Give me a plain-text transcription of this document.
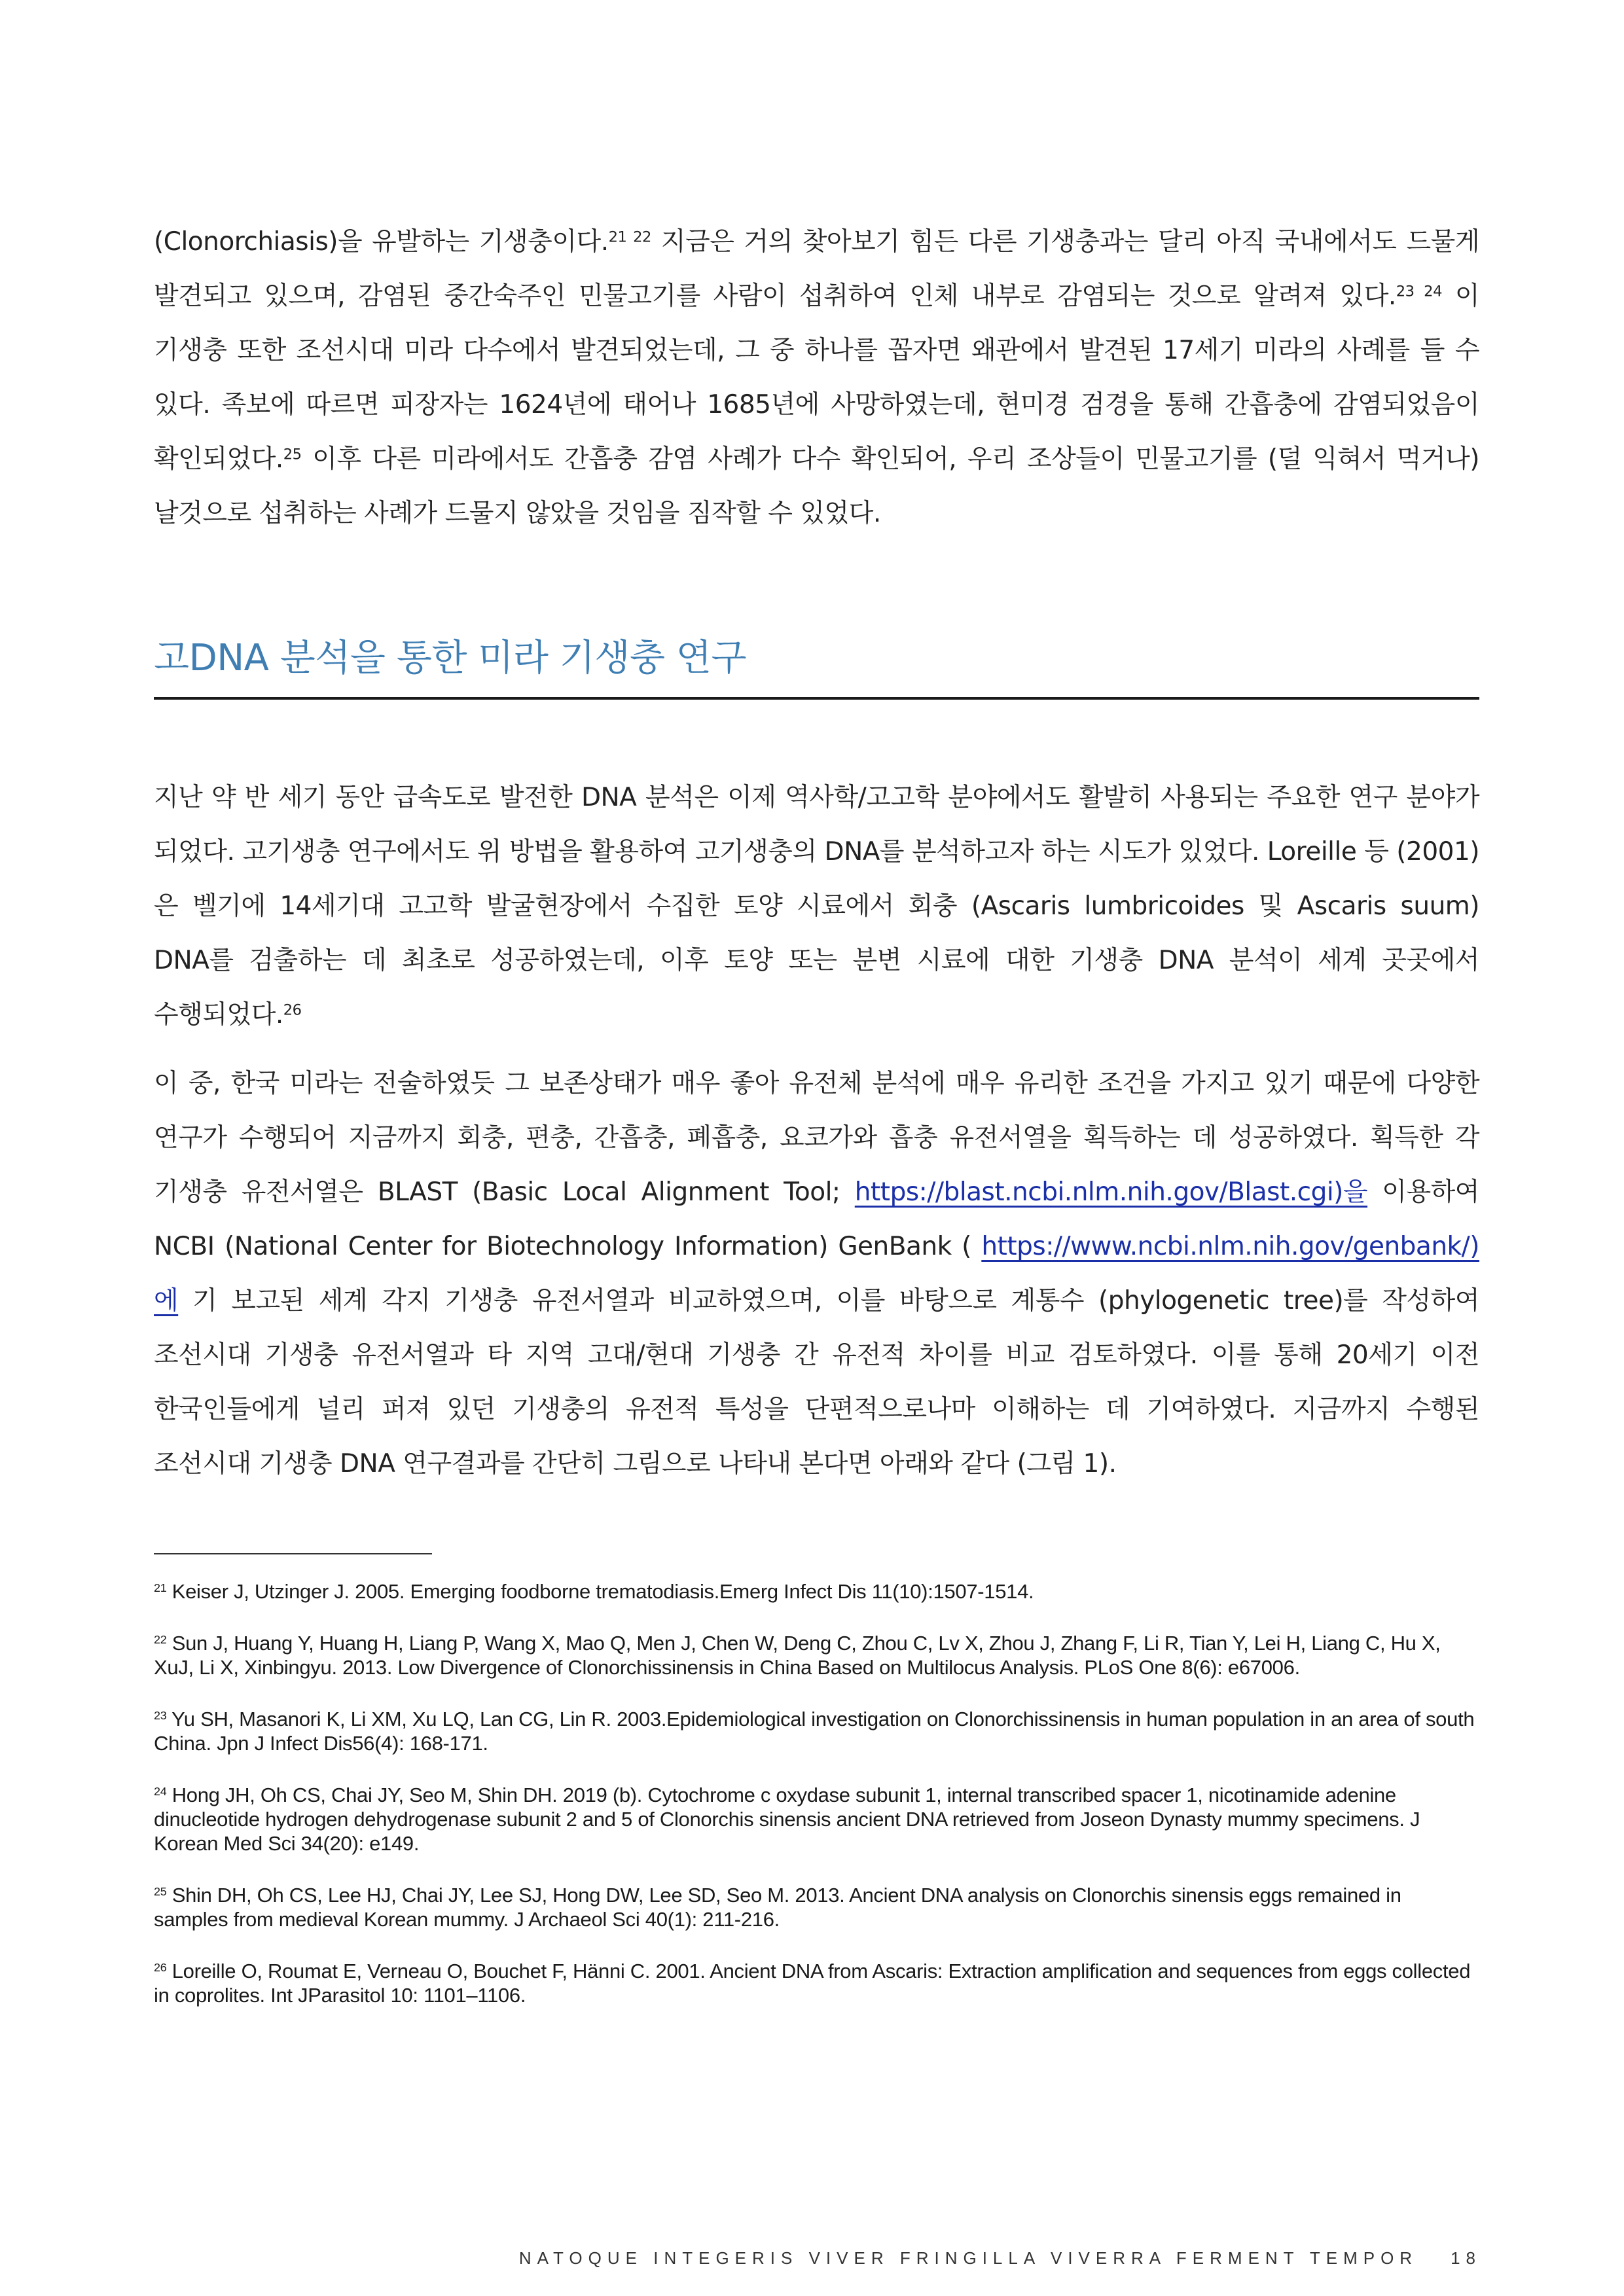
(Clonorchiasis)을 유발하는 기생충이다.$^{21 22}$ 지금은 거의 찾아보기 힘든 다른 기생충과는 달리 아직 국내에서도 드물게 발견되고 있으며, 감염된 중간숙주인 민물고기를 사람이 섭취하여 인체 내부로 감염되는 것으로 알려져 있다.$^{23 24}$ 이 기생충 또한 조선시대 미라 다수에서 발견되었는데, 그 중 하나를 꼽자면 왜관에서 발견된 17세기 미라의 사례를 들 수 있다. 족보에 따르면 피장자는 1624년에 태어나 1685년에 사망하였는데, 현미경 검경을 통해 간흡충에 감염되었음이 확인되었다.$^{25}$ 이후 다른 미라에서도 간흡충 감염 사례가 다수 확인되어, 우리 조상들이 민물고기를 (덜 익혀서 먹거나) 날것으로 섭취하는 사례가 드물지 않았을 것임을 짐작할 수 있었다.

고DNA 분석을 통한 미라 기생충 연구

지난 약 반 세기 동안 급속도로 발전한 DNA 분석은 이제 역사학/고고학 분야에서도 활발히 사용되는 주요한 연구 분야가 되었다. 고기생충 연구에서도 위 방법을 활용하여 고기생충의 DNA를 분석하고자 하는 시도가 있었다. Loreille 등 (2001)은 벨기에 14세기대 고고학 발굴현장에서 수집한 토양 시료에서 회충 (Ascaris lumbricoides 및 Ascaris suum) DNA를 검출하는 데 최초로 성공하였는데, 이후 토양 또는 분변 시료에 대한 기생충 DNA 분석이 세계 곳곳에서 수행되었다.$^{26}$

이 중, 한국 미라는 전술하였듯 그 보존상태가 매우 좋아 유전체 분석에 매우 유리한 조건을 가지고 있기 때문에 다양한 연구가 수행되어 지금까지 회충, 편충, 간흡충, 폐흡충, 요코가와 흡충 유전서열을 획득하는 데 성공하였다. 획득한 각 기생충 유전서열은 BLAST (Basic Local Alignment Tool; https://blast.ncbi.nlm.nih.gov/Blast.cgi)을 이용하여 NCBI (National Center for Biotechnology Information) GenBank ( https://www.ncbi.nlm.nih.gov/genbank/)에 기 보고된 세계 각지 기생충 유전서열과 비교하였으며, 이를 바탕으로 계통수 (phylogenetic tree)를 작성하여 조선시대 기생충 유전서열과 타 지역 고대/현대 기생충 간 유전적 차이를 비교 검토하였다. 이를 통해 20세기 이전 한국인들에게 널리 퍼져 있던 기생충의 유전적 특성을 단편적으로나마 이해하는 데 기여하였다. 지금까지 수행된 조선시대 기생충 DNA 연구결과를 간단히 그림으로 나타내 본다면 아래와 같다 (그림 1).

$^{21}$ Keiser J, Utzinger J. 2005. Emerging foodborne trematodiasis.Emerg Infect Dis 11(10):1507-1514.

$^{22}$ Sun J, Huang Y, Huang H, Liang P, Wang X, Mao Q, Men J, Chen W, Deng C, Zhou C, Lv X, Zhou J, Zhang F, Li R, Tian Y, Lei H, Liang C, Hu X, XuJ, Li X, Xinbingyu. 2013. Low Divergence of Clonorchissinensis in China Based on Multilocus Analysis. PLoS One 8(6): e67006.

$^{23}$ Yu SH, Masanori K, Li XM, Xu LQ, Lan CG, Lin R. 2003.Epidemiological investigation on Clonorchissinensis in human population in an area of south China. Jpn J Infect Dis56(4): 168-171.

$^{24}$ Hong JH, Oh CS, Chai JY, Seo M, Shin DH. 2019 (b). Cytochrome c oxydase subunit 1, internal transcribed spacer 1, nicotinamide adenine dinucleotide hydrogen dehydrogenase subunit 2 and 5 of Clonorchis sinensis ancient DNA retrieved from Joseon Dynasty mummy specimens. J Korean Med Sci 34(20): e149.

$^{25}$ Shin DH, Oh CS, Lee HJ, Chai JY, Lee SJ, Hong DW, Lee SD, Seo M. 2013. Ancient DNA analysis on Clonorchis sinensis eggs remained in samples from medieval Korean mummy. J Archaeol Sci 40(1): 211-216.

$^{26}$ Loreille O, Roumat E, Verneau O, Bouchet F, Hänni C. 2001. Ancient DNA from Ascaris: Extraction amplification and sequences from eggs collected in coprolites. Int JParasitol 10: 1101–1106.

NATOQUE INTEGERIS VIVER FRINGILLA VIVERRA FERMENT TEMPOR 18
